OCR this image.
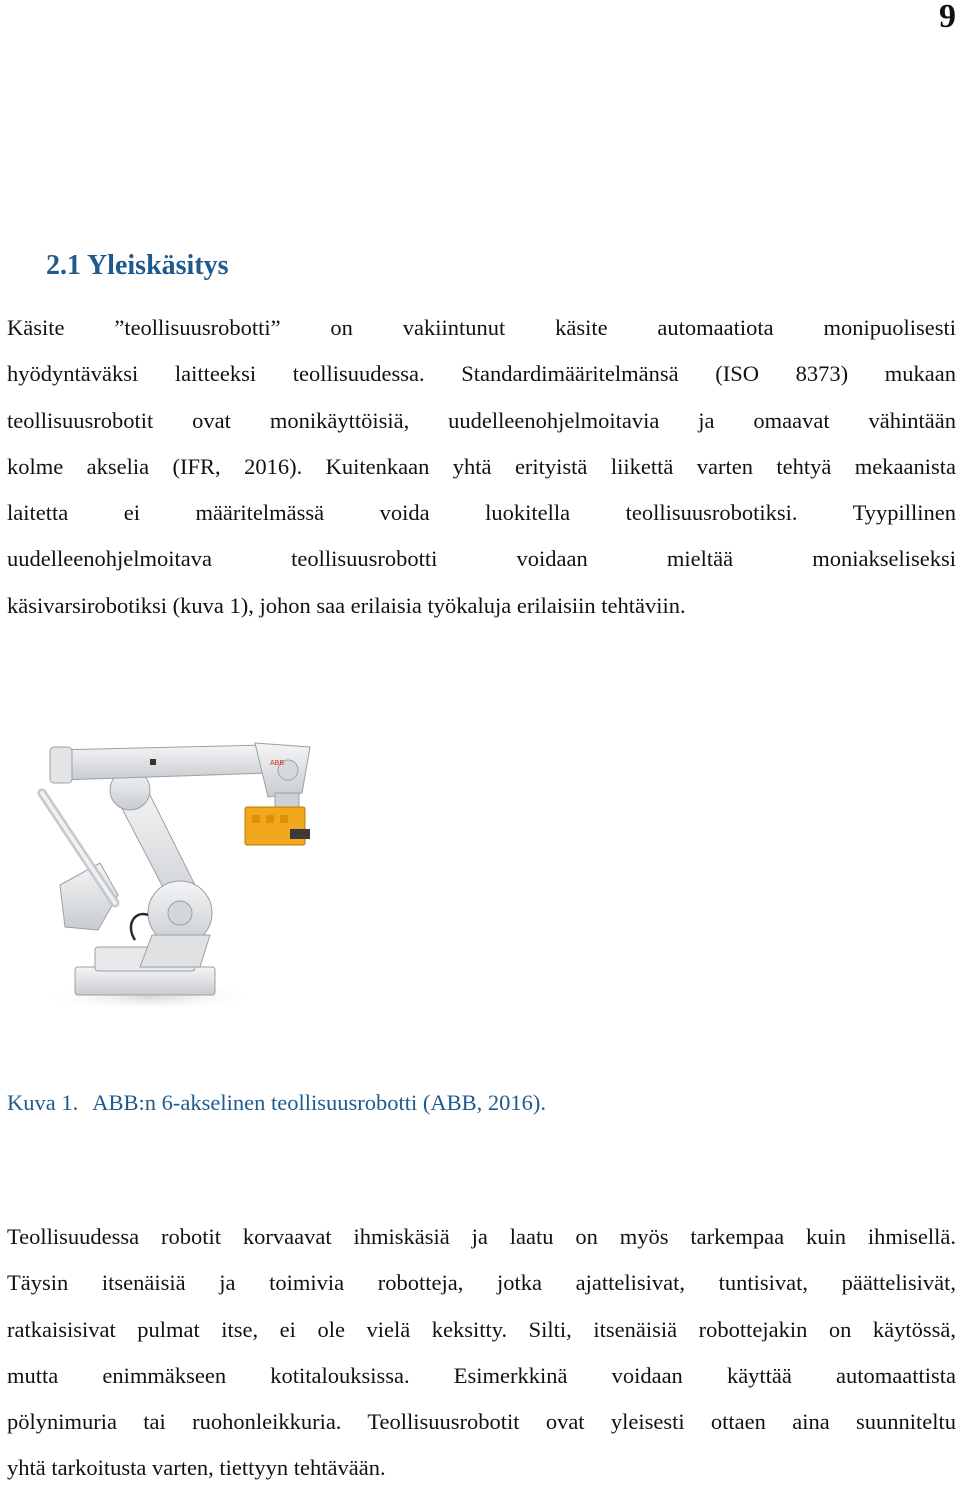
9
2.1 Yleiskäsitys

Käsite ”teollisuusrobotti” on vakiintunut käsite automaatiota monipuolisesti
hyödyntäväksi laitteeksi teollisuudessa. Standardimääritelmänsä (ISO 8373) mukaan
teollisuusrobotit ovat monikäyttöisiä, uudelleenohjelmoitavia ja omaavat vähintään
kolme akselia (IFR, 2016). Kuitenkaan yhtä erityistä liikettä varten tehtyä mekaanista
laitetta ei määritelmässä voida luokitella teollisuusrobotiksi. Tyypillinen
uudelleenohjelmoitava teollisuusrobotti voidaan mieltää moniakseliseksi
käsivarsirobotiksi (kuva 1), johon saa erilaisia työkaluja erilaisiin tehtäviin.

ABB
Kuva 1. ABB:n 6-akselinen teollisuusrobotti (ABB, 2016).

Teollisuudessa robotit korvaavat ihmiskäsiä ja laatu on myös tarkempaa kuin ihmisellä.
Täysin itsenäisiä ja toimivia robotteja, jotka ajattelisivat, tuntisivat, päättelisivät,
ratkaisisivat pulmat itse, ei ole vielä keksitty. Silti, itsenäisiä robottejakin on käytössä,
mutta enimmäkseen kotitalouksissa. Esimerkkinä voidaan käyttää automaattista
pölynimuria tai ruohonleikkuria. Teollisuusrobotit ovat yleisesti ottaen aina suunniteltu
yhtä tarkoitusta varten, tiettyyn tehtävään.
